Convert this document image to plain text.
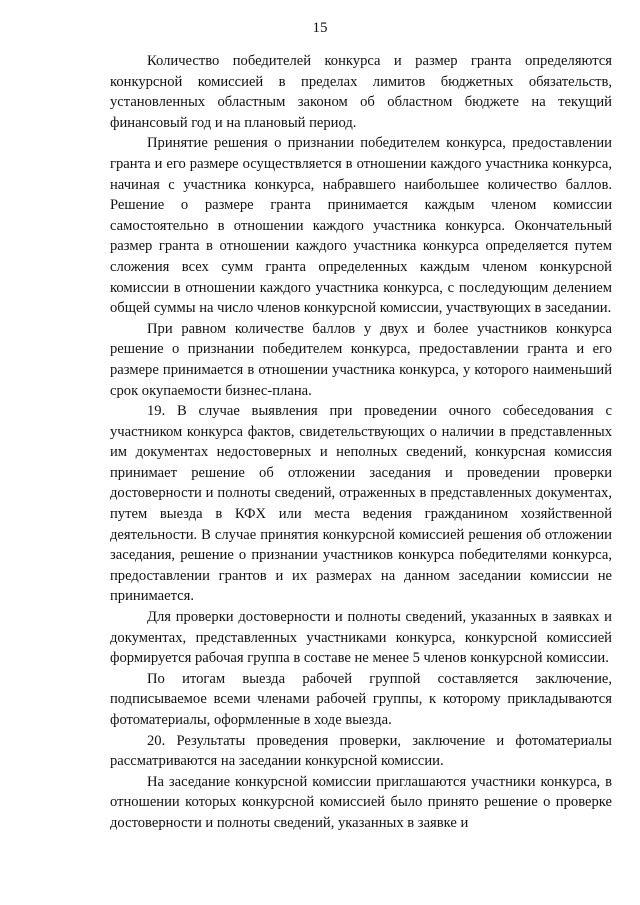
15

Количество победителей конкурса и размер гранта определяются конкурсной комиссией в пределах лимитов бюджетных обязательств, установленных областным законом об областном бюджете на текущий финансовый год и на плановый период.

Принятие решения о признании победителем конкурса, предоставлении гранта и его размере осуществляется в отношении каждого участника конкурса, начиная с участника конкурса, набравшего наибольшее количество баллов. Решение о размере гранта принимается каждым членом комиссии самостоятельно в отношении каждого участника конкурса. Окончательный размер гранта в отношении каждого участника конкурса определяется путем сложения всех сумм гранта определенных каждым членом конкурсной комиссии в отношении каждого участника конкурса, с последующим делением общей суммы на число членов конкурсной комиссии, участвующих в заседании.

При равном количестве баллов у двух и более участников конкурса решение о признании победителем конкурса, предоставлении гранта и его размере принимается в отношении участника конкурса, у которого наименьший срок окупаемости бизнес-плана.

19. В случае выявления при проведении очного собеседования с участником конкурса фактов, свидетельствующих о наличии в представленных им документах недостоверных и неполных сведений, конкурсная комиссия принимает решение об отложении заседания и проведении проверки достоверности и полноты сведений, отраженных в представленных документах, путем выезда в КФХ или места ведения гражданином хозяйственной деятельности. В случае принятия конкурсной комиссией решения об отложении заседания, решение о признании участников конкурса победителями конкурса, предоставлении грантов и их размерах на данном заседании комиссии не принимается.

Для проверки достоверности и полноты сведений, указанных в заявках и документах, представленных участниками конкурса, конкурсной комиссией формируется рабочая группа в составе не менее 5 членов конкурсной комиссии.

По итогам выезда рабочей группой составляется заключение, подписываемое всеми членами рабочей группы, к которому прикладываются фотоматериалы, оформленные в ходе выезда.

20. Результаты проведения проверки, заключение и фотоматериалы рассматриваются на заседании конкурсной комиссии.

На заседание конкурсной комиссии приглашаются участники конкурса, в отношении которых конкурсной комиссией было принято решение о проверке достоверности и полноты сведений, указанных в заявке и
